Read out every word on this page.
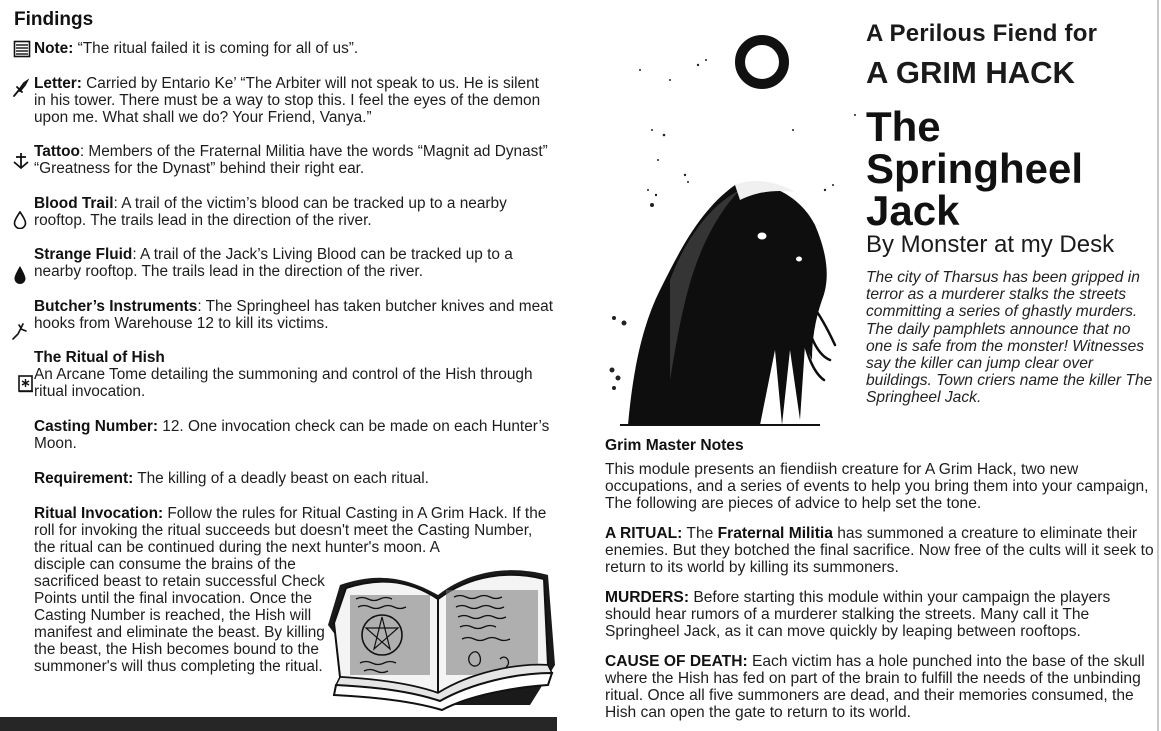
Findings
Note: “The ritual failed it is coming for all of us”.
Letter: Carried by Entario Ke’ “The Arbiter will not speak to us. He is silent in his tower. There must be a way to stop this. I feel the eyes of the demon upon me. What shall we do? Your Friend, Vanya.”
Tattoo: Members of the Fraternal Militia have the words “Magnit ad Dynast” “Greatness for the Dynast” behind their right ear.
Blood Trail: A trail of the victim’s blood can be tracked up to a nearby rooftop. The trails lead in the direction of the river.
Strange Fluid: A trail of the Jack’s Living Blood can be tracked up to a nearby rooftop. The trails lead in the direction of the river.
Butcher’s Instruments: The Springheel has taken butcher knives and meat hooks from Warehouse 12 to kill its victims.
The Ritual of Hish
An Arcane Tome detailing the summoning and control of the Hish through ritual invocation.
Casting Number: 12. One invocation check can be made on each Hunter’s Moon.
Requirement: The killing of a deadly beast on each ritual.
Ritual Invocation: Follow the rules for Ritual Casting in A Grim Hack. If the roll for invoking the ritual succeeds but doesn't meet the Casting Number, the ritual can be continued during the next hunter's moon. A
disciple can consume the brains of the sacrificed beast to retain successful Check Points until the final invocation. Once the Casting Number is reached, the Hish will manifest and eliminate the beast. By killing the beast, the Hish becomes bound to the summoner's will thus completing the ritual.
A Perilous Fiend for
A GRIM HACK
The
Springheel
Jack
By Monster at my Desk
The city of Tharsus has been gripped in terror as a murderer stalks the streets committing a series of ghastly murders. The daily pamphlets announce that no one is safe from the monster! Witnesses say the killer can jump clear over buildings. Town criers name the killer The Springheel Jack.
Grim Master Notes
This module presents an fiendiish creature for A Grim Hack, two new occupations, and a series of events to help you bring them into your campaign, The following are pieces of advice to help set the tone.
A RITUAL: The Fraternal Militia has summoned a creature to eliminate their enemies. But they botched the final sacrifice. Now free of the cults will it seek to return to its world by killing its summoners.
MURDERS: Before starting this module within your campaign the players should hear rumors of a murderer stalking the streets. Many call it The Springheel Jack, as it can move quickly by leaping between rooftops.
CAUSE OF DEATH: Each victim has a hole punched into the base of the skull where the Hish has fed on part of the brain to fulfill the needs of the unbinding ritual. Once all five summoners are dead, and their memories consumed, the Hish can open the gate to return to its world.
